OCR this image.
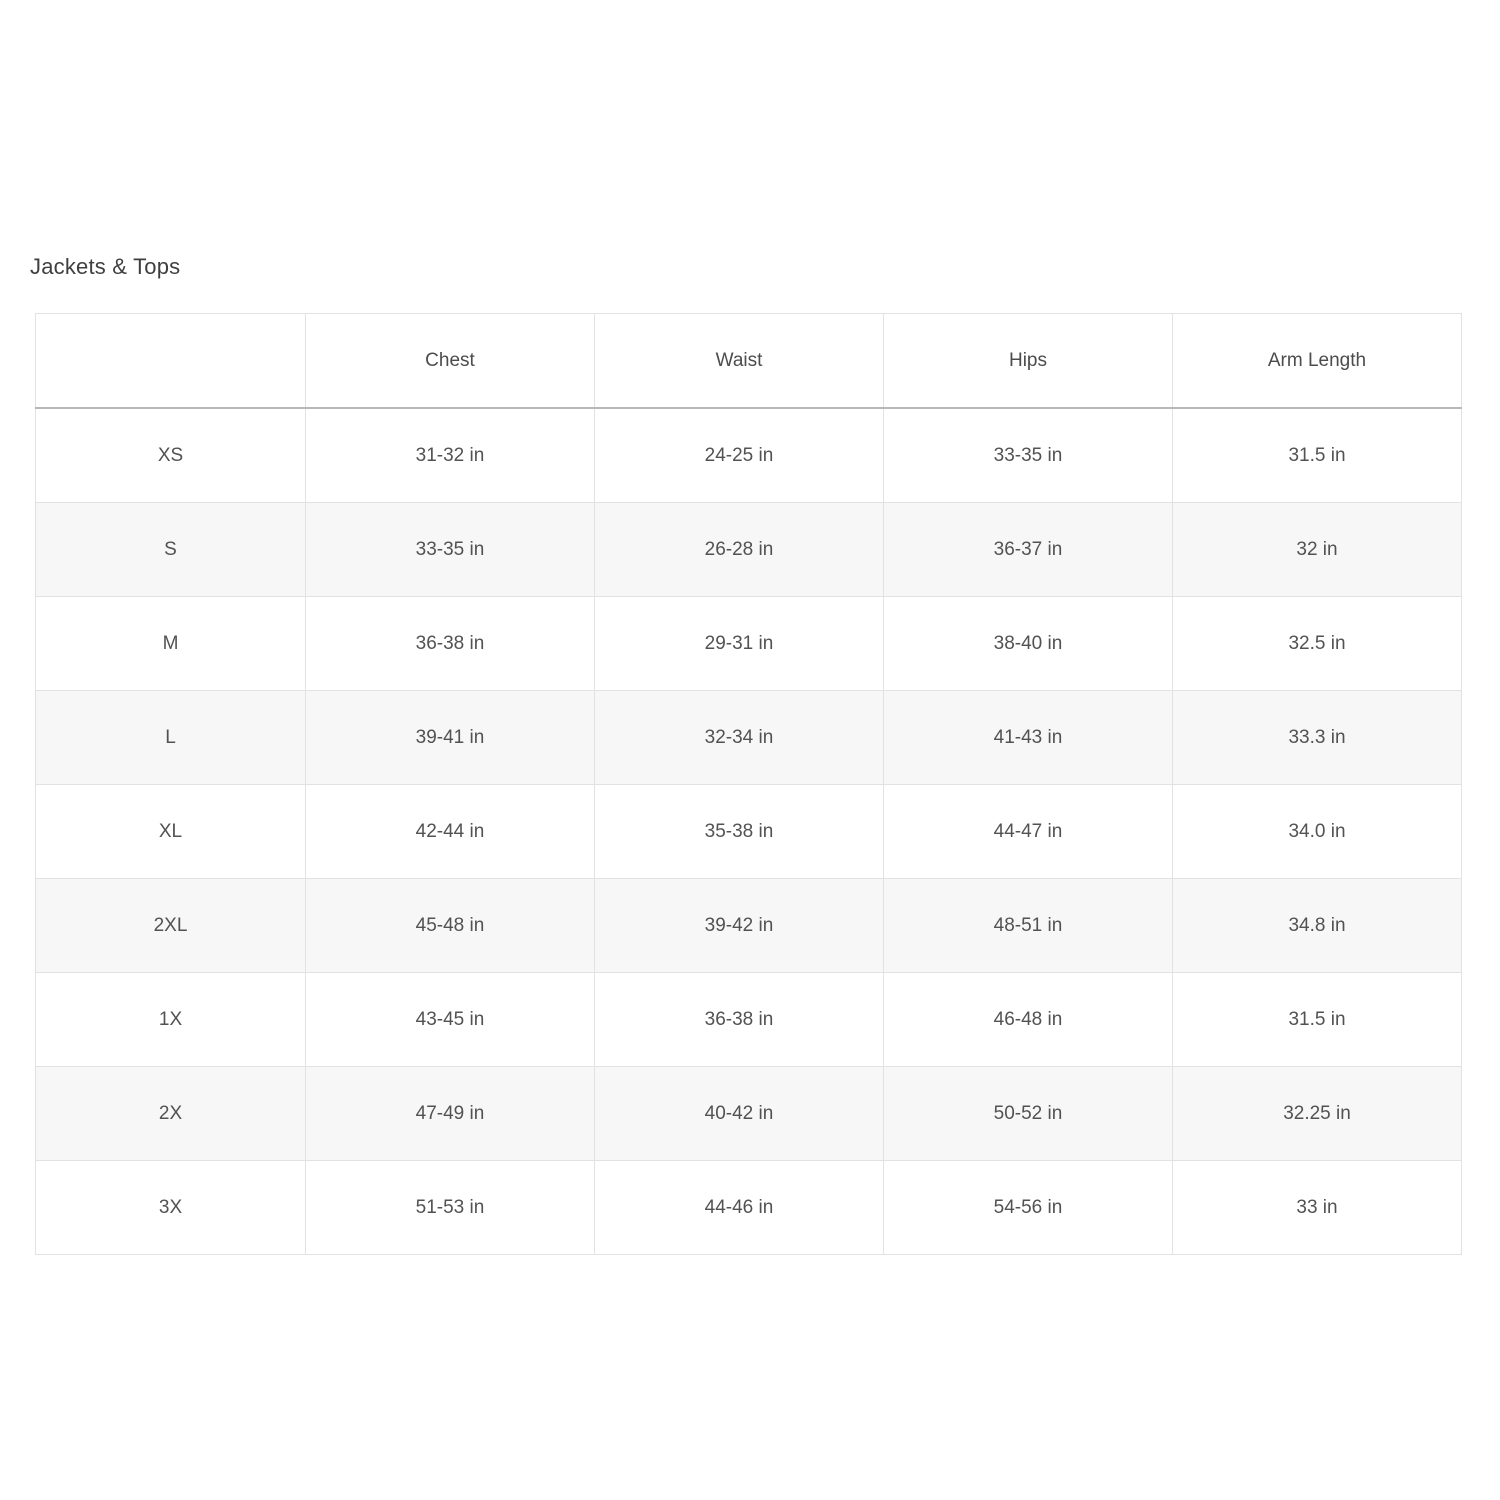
Jackets & Tops
	Chest	Waist	Hips	Arm Length
XS	31-32 in	24-25 in	33-35 in	31.5 in
S	33-35 in	26-28 in	36-37 in	32 in
M	36-38 in	29-31 in	38-40 in	32.5 in
L	39-41 in	32-34 in	41-43 in	33.3 in
XL	42-44 in	35-38 in	44-47 in	34.0 in
2XL	45-48 in	39-42 in	48-51 in	34.8 in
1X	43-45 in	36-38 in	46-48 in	31.5 in
2X	47-49 in	40-42 in	50-52 in	32.25 in
3X	51-53 in	44-46 in	54-56 in	33 in
